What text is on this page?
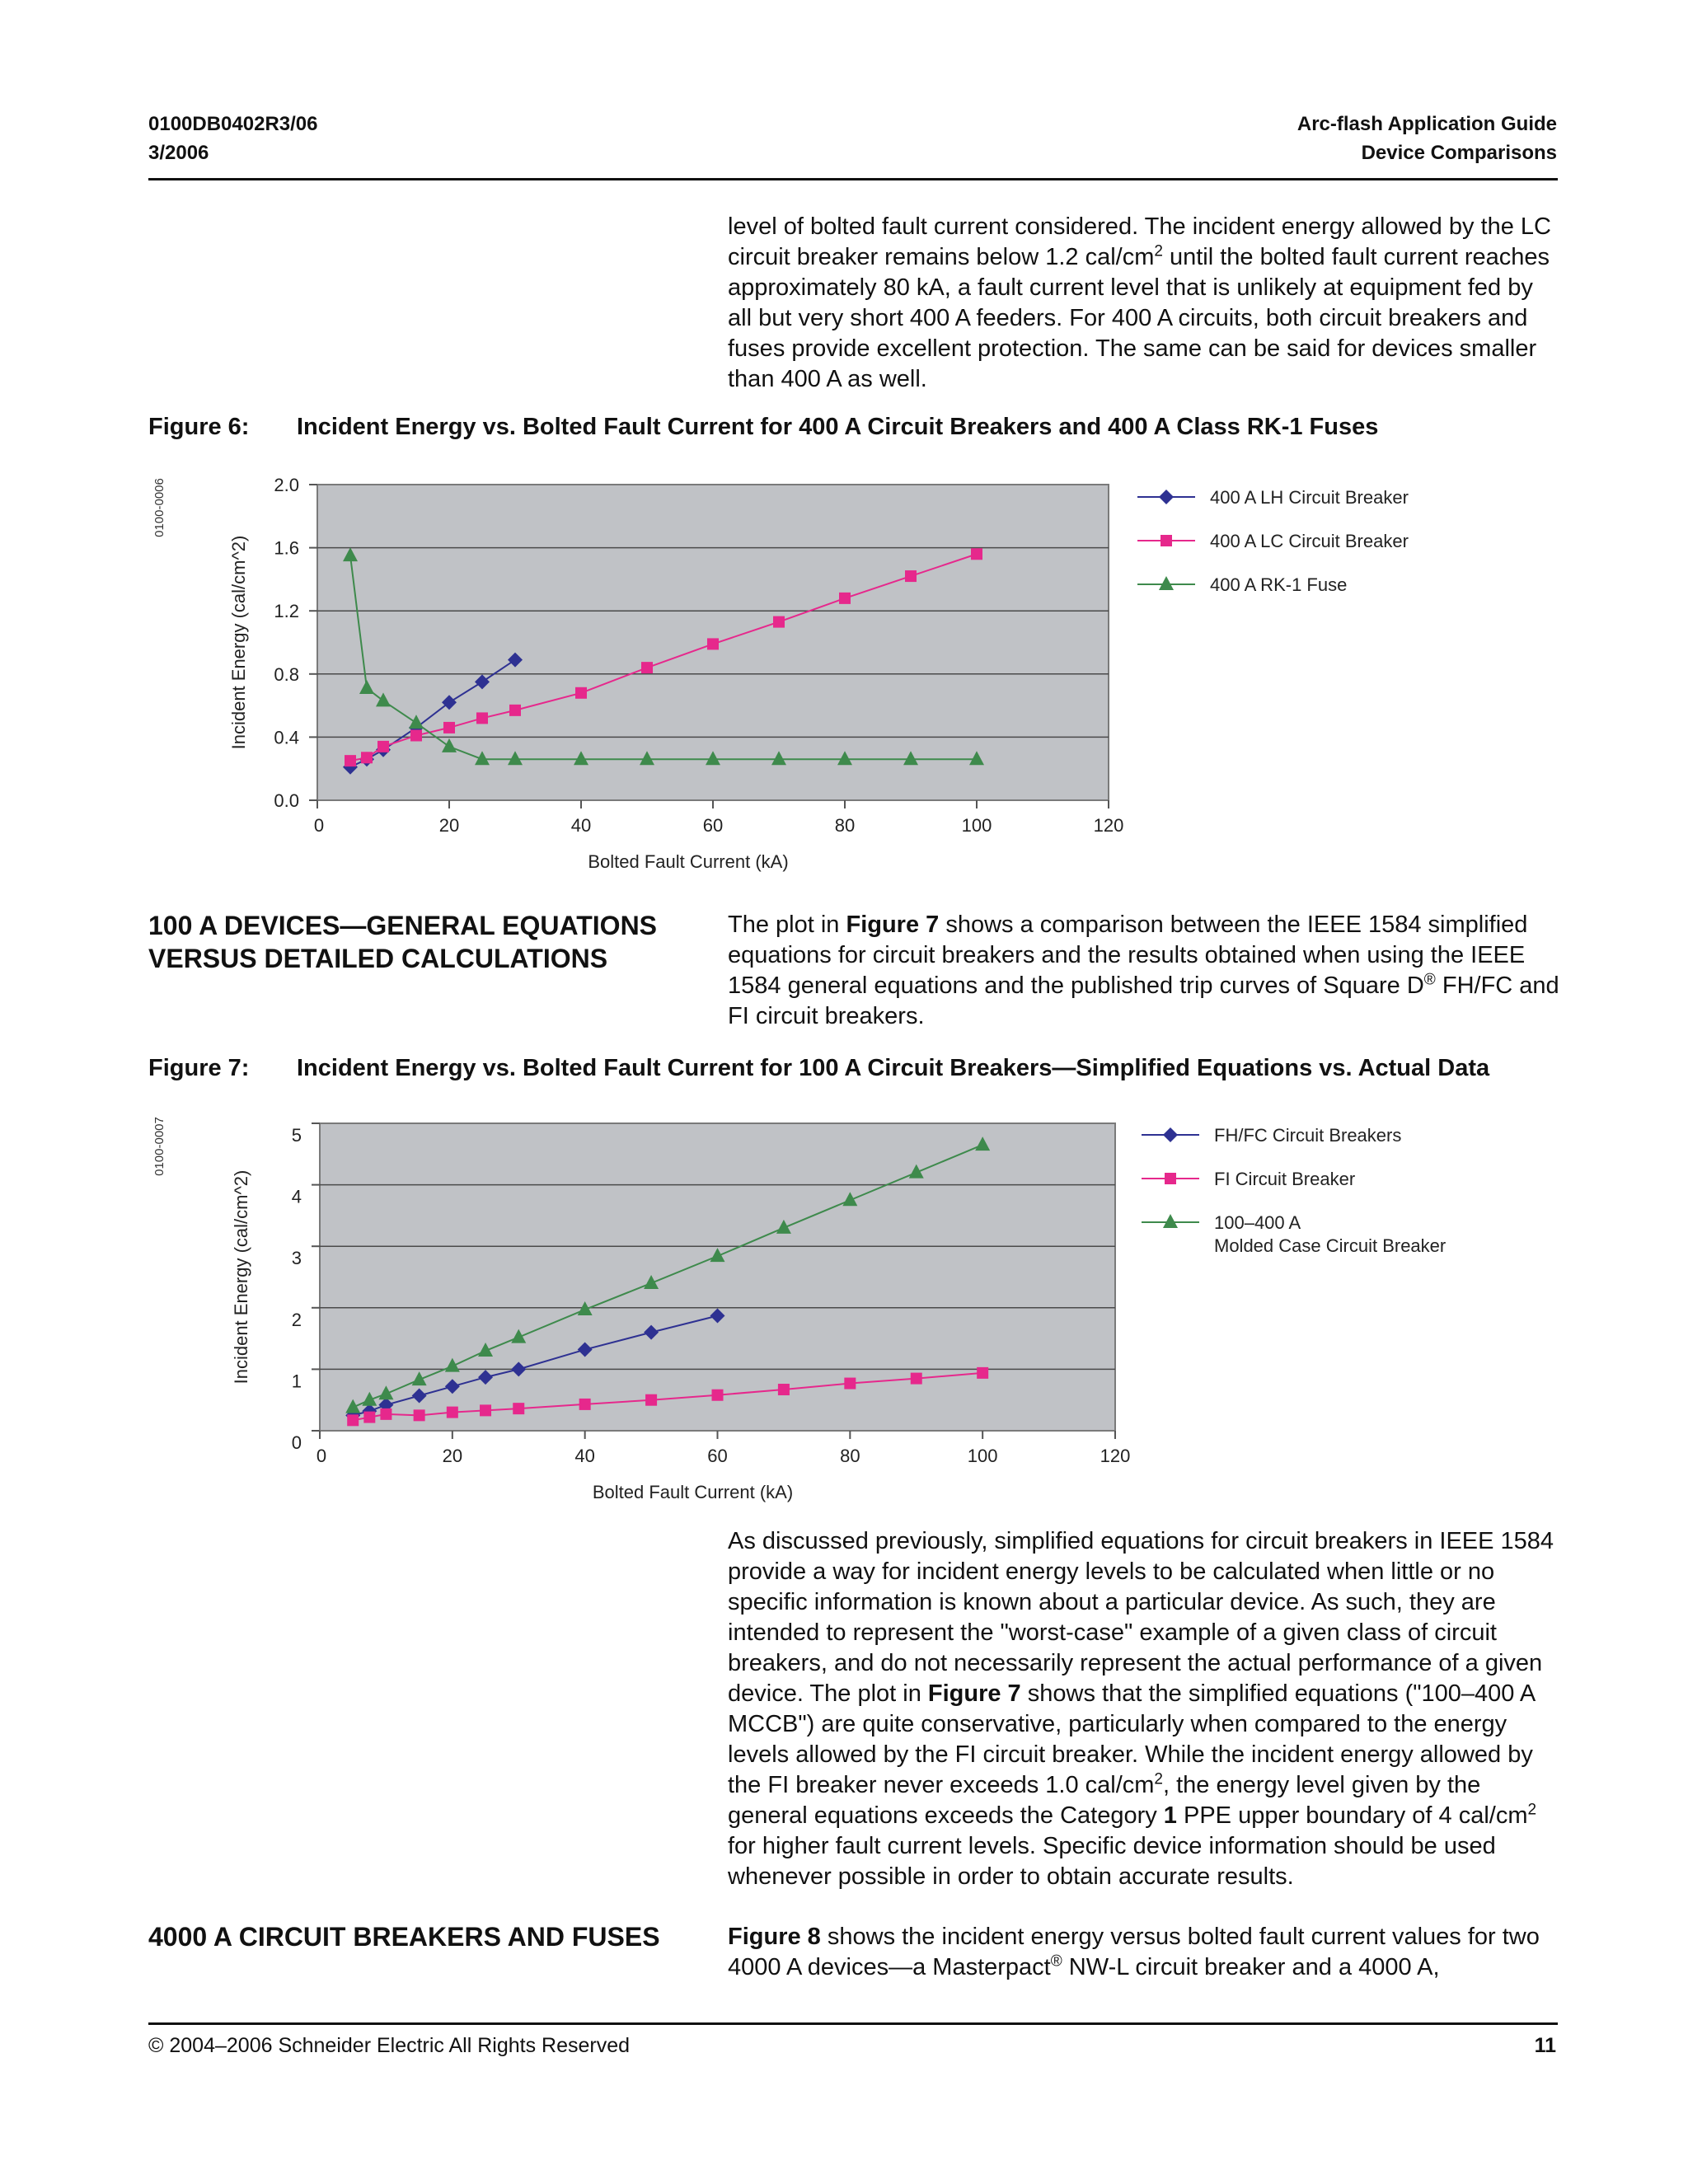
0100DB0402R3/06
3/2006
Arc-flash Application Guide
Device Comparisons

level of bolted fault current considered. The incident energy allowed by the LC circuit breaker remains below 1.2 cal/$cm^2$ until the bolted fault current reaches approximately 80 kA, a fault current level that is unlikely at equipment fed by all but very short 400 A feeders. For 400 A circuits, both circuit breakers and fuses provide excellent protection. The same can be said for devices smaller than 400 A as well.

Figure 6: Incident Energy vs. Bolted Fault Current for 400 A Circuit Breakers and 400 A Class RK-1 Fuses
0.0
0.4
0.8
1.2
1.6
2.0
0	20	40	60	80	100	120
Bolted Fault Current (kA)
Incident Energy (cal/cm^2)
0100-0006	400 A LH Circuit Breaker
400 A LC Circuit Breaker
400 A RK-1 Fuse
100 A DEVICES—GENERAL EQUATIONS
VERSUS DETAILED CALCULATIONS

The plot in Figure 7 shows a comparison between the IEEE 1584 simplified equations for circuit breakers and the results obtained when using the IEEE 1584 general equations and the published trip curves of Square D® FH/FC and FI circuit breakers.

Figure 7: Incident Energy vs. Bolted Fault Current for 100 A Circuit Breakers—Simplified Equations vs. Actual Data
0
1
2
3
4
5
0	20	40	60	80	100	120
Bolted Fault Current (kA)
Incident Energy (cal/cm^2)
0100-0007	FH/FC Circuit Breakers
FI Circuit Breaker
100–400 A
Molded Case Circuit Breaker

As discussed previously, simplified equations for circuit breakers in IEEE 1584 provide a way for incident energy levels to be calculated when little or no specific information is known about a particular device. As such, they are intended to represent the "worst-case" example of a given class of circuit breakers, and do not necessarily represent the actual performance of a given device. The plot in Figure 7 shows that the simplified equations ("100–400 A MCCB") are quite conservative, particularly when compared to the energy levels allowed by the FI circuit breaker. While the incident energy allowed by the FI breaker never exceeds 1.0 cal/$cm^2$, the energy level given by the general equations exceeds the Category 1 PPE upper boundary of 4 cal/$cm^2$ for higher fault current levels. Specific device information should be used whenever possible in order to obtain accurate results.

4000 A CIRCUIT BREAKERS AND FUSES	Figure 8 shows the incident energy versus bolted fault current values for two 4000 A devices—a Masterpact® NW-L circuit breaker and a 4000 A,

© 2004–2006 Schneider Electric All Rights Reserved	11
